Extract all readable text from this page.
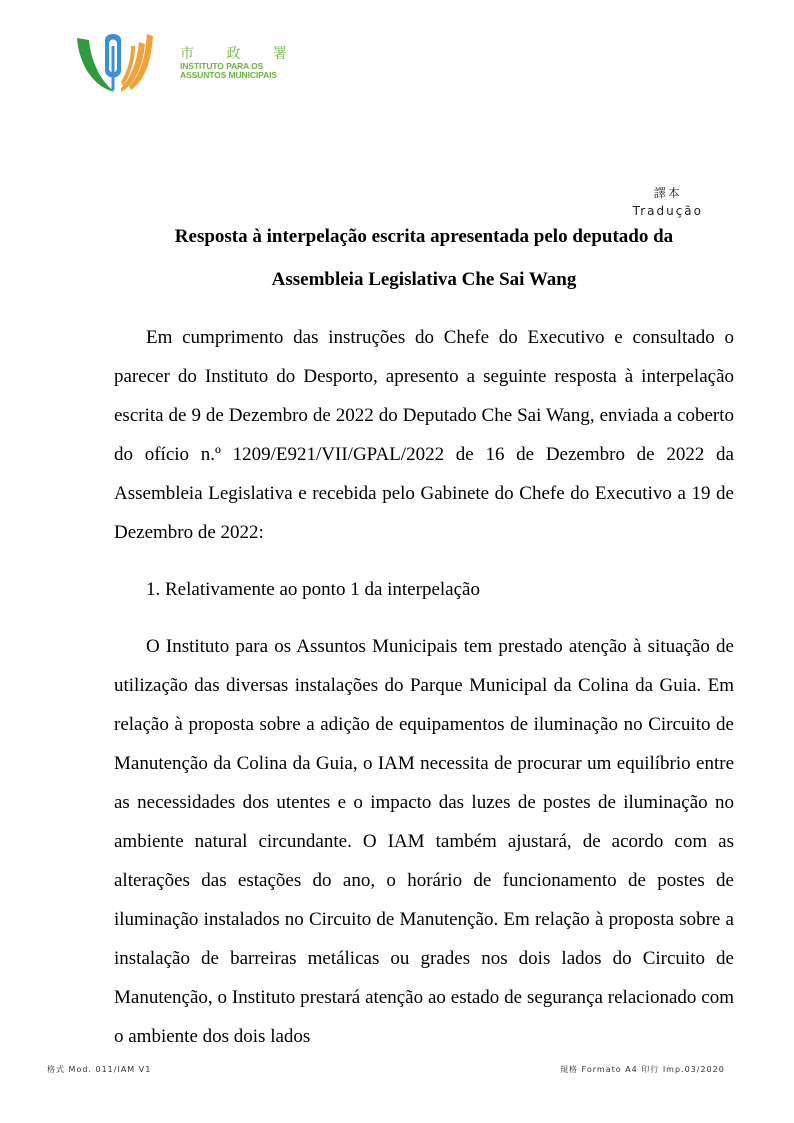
市 政 署
INSTITUTO PARA OS
ASSUNTOS MUNICIPAIS
譯本
Tradução
Resposta à interpelação escrita apresentada pelo deputado da
Assembleia Legislativa Che Sai Wang

Em cumprimento das instruções do Chefe do Executivo e consultado o parecer do Instituto do Desporto, apresento a seguinte resposta à interpelação escrita de 9 de Dezembro de 2022 do Deputado Che Sai Wang, enviada a coberto do ofício n.º 1209/E921/VII/GPAL/2022 de 16 de Dezembro de 2022 da Assembleia Legislativa e recebida pelo Gabinete do Chefe do Executivo a 19 de Dezembro de 2022:

1. Relativamente ao ponto 1 da interpelação

O Instituto para os Assuntos Municipais tem prestado atenção à situação de utilização das diversas instalações do Parque Municipal da Colina da Guia. Em relação à proposta sobre a adição de equipamentos de iluminação no Circuito de Manutenção da Colina da Guia, o IAM necessita de procurar um equilíbrio entre as necessidades dos utentes e o impacto das luzes de postes de iluminação no ambiente natural circundante. O IAM também ajustará, de acordo com as alterações das estações do ano, o horário de funcionamento de postes de iluminação instalados no Circuito de Manutenção. Em relação à proposta sobre a instalação de barreiras metálicas ou grades nos dois lados do Circuito de Manutenção, o Instituto prestará atenção ao estado de segurança relacionado com o ambiente dos dois lados

格式 Mod. 011/IAM V1	規格 Formato A4 印行 Imp.03/2020
